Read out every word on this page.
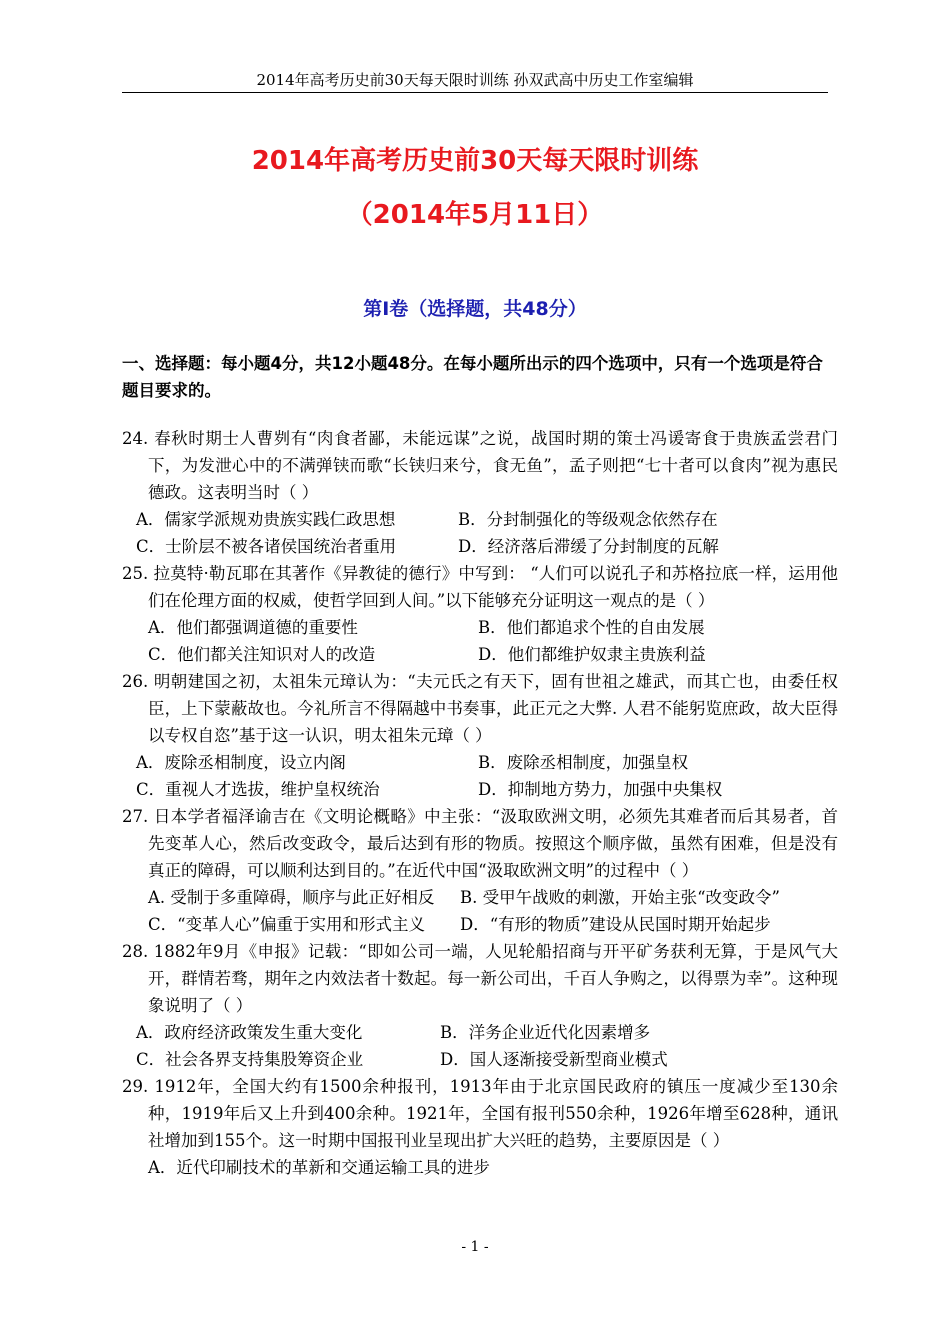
2014年高考历史前30天每天限时训练 孙双武高中历史工作室编辑
2014年高考历史前30天每天限时训练
（2014年5月11日）
第Ⅰ卷（选择题，共48分）
一、选择题：每小题4分，共12小题48分。在每小题所出示的四个选项中，只有一个选项是符合题目要求的。
24. 春秋时期士人曹刿有“肉食者鄙，未能远谋”之说，战国时期的策士冯谖寄食于贵族孟尝君门下，为发泄心中的不满弹铗而歌“长铗归来兮，食无鱼”，孟子则把“七十者可以食肉”视为惠民德政。这表明当时（ ）
A．儒家学派规劝贵族实践仁政思想	B．分封制强化的等级观念依然存在
C．士阶层不被各诸侯国统治者重用	D．经济落后滞缓了分封制度的瓦解
25. 拉莫特·勒瓦耶在其著作《异教徒的德行》中写到： “人们可以说孔子和苏格拉底一样，运用他们在伦理方面的权威，使哲学回到人间。”以下能够充分证明这一观点的是（ ）
A．他们都强调道德的重要性	B．他们都追求个性的自由发展
C．他们都关注知识对人的改造	D．他们都维护奴隶主贵族利益
26. 明朝建国之初，太祖朱元璋认为：“夫元氏之有天下，固有世祖之雄武，而其亡也，由委任权臣，上下蒙蔽故也。今礼所言不得隔越中书奏事，此正元之大弊. 人君不能躬览庶政，故大臣得以专权自恣”基于这一认识，明太祖朱元璋（ ）
A．废除丞相制度，设立内阁	B．废除丞相制度，加强皇权
C．重视人才选拔，维护皇权统治	D．抑制地方势力，加强中央集权
27. 日本学者福泽谕吉在《文明论概略》中主张：“汲取欧洲文明，必须先其难者而后其易者，首先变革人心，然后改变政令，最后达到有形的物质。按照这个顺序做，虽然有困难，但是没有真正的障碍，可以顺利达到目的。”在近代中国“汲取欧洲文明”的过程中（ ）
A. 受制于多重障碍，顺序与此正好相反	B. 受甲午战败的刺激，开始主张“改变政令”
C．“变革人心”偏重于实用和形式主义	D．“有形的物质”建设从民国时期开始起步
28. 1882年9月《申报》记载：“即如公司一端，人见轮船招商与开平矿务获利无算，于是风气大开，群情若骛，期年之内效法者十数起。每一新公司出，千百人争购之，以得票为幸”。这种现象说明了（ ）
A．政府经济政策发生重大变化	B．洋务企业近代化因素增多
C．社会各界支持集股筹资企业	D．国人逐渐接受新型商业模式
29. 1912年，全国大约有1500余种报刊，1913年由于北京国民政府的镇压一度减少至130余种，1919年后又上升到400余种。1921年，全国有报刊550余种，1926年增至628种，通讯社增加到155个。这一时期中国报刊业呈现出扩大兴旺的趋势，主要原因是（ ）
A．近代印刷技术的革新和交通运输工具的进步
- 1 -
